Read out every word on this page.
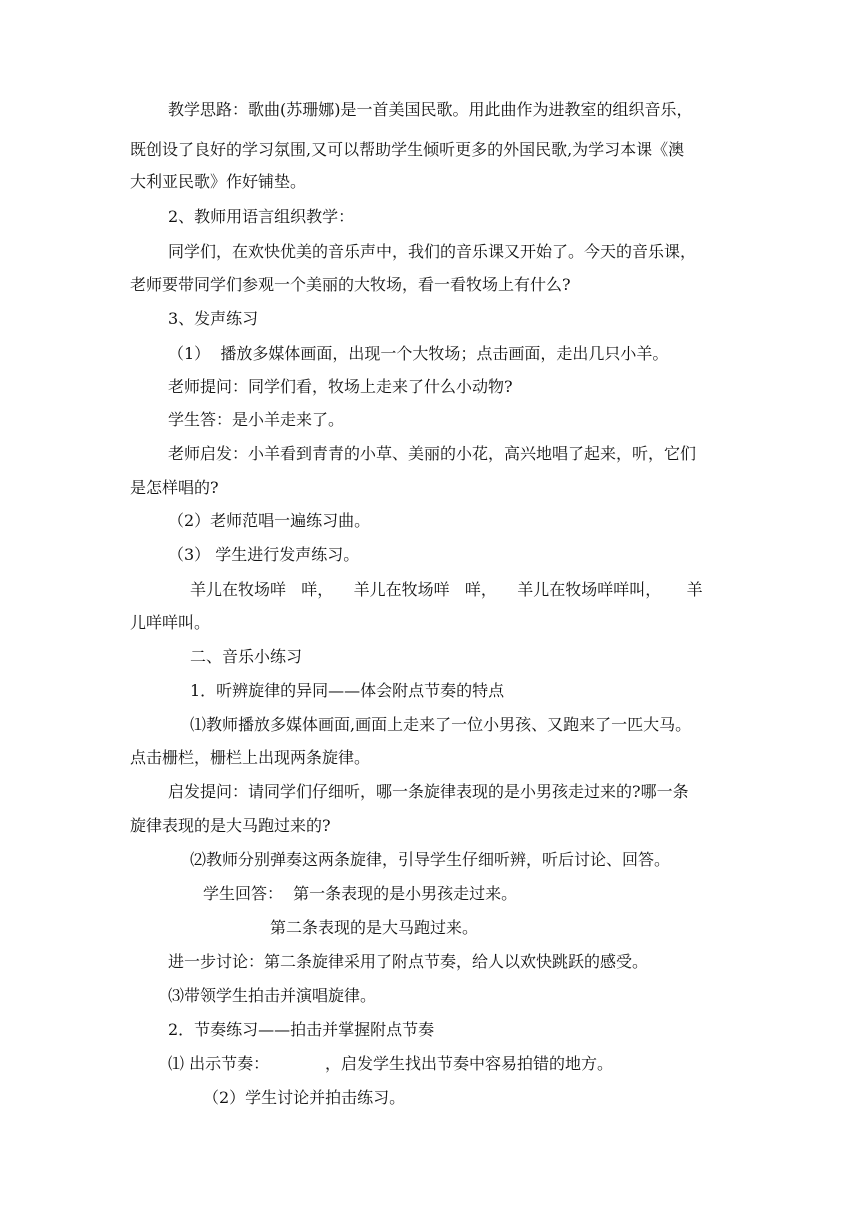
教学思路：歌曲(苏珊娜)是一首美国民歌。用此曲作为进教室的组织音乐，
既创设了良好的学习氛围,又可以帮助学生倾听更多的外国民歌,为学习本课《澳
大利亚民歌》作好铺垫。
2、教师用语言组织教学：
同学们，在欢快优美的音乐声中，我们的音乐课又开始了。今天的音乐课，
老师要带同学们参观一个美丽的大牧场，看一看牧场上有什么?
3、发声练习
（1）  播放多媒体画面，出现一个大牧场；点击画面，走出几只小羊。
老师提问：同学们看，牧场上走来了什么小动物?
学生答：是小羊走来了。
老师启发：小羊看到青青的小草、美丽的小花，高兴地唱了起来，听，它们
是怎样唱的?
（2）老师范唱一遍练习曲。
（3） 学生进行发声练习。
羊儿在牧场咩   咩，    羊儿在牧场咩   咩，    羊儿在牧场咩咩叫，     羊
儿咩咩叫。
二、音乐小练习
1．听辨旋律的异同——体会附点节奏的特点
⑴教师播放多媒体画面,画面上走来了一位小男孩、又跑来了一匹大马。
点击栅栏，栅栏上出现两条旋律。
启发提问：请同学们仔细听，哪一条旋律表现的是小男孩走过来的?哪一条
旋律表现的是大马跑过来的?
⑵教师分别弹奏这两条旋律，引导学生仔细听辨，听后讨论、回答。
学生回答：  第一条表现的是小男孩走过来。
第二条表现的是大马跑过来。
进一步讨论：第二条旋律采用了附点节奏，给人以欢快跳跃的感受。
⑶带领学生拍击并演唱旋律。
2．节奏练习——拍击并掌握附点节奏
⑴ 出示节奏：           ，启发学生找出节奏中容易拍错的地方。
（2）学生讨论并拍击练习。
